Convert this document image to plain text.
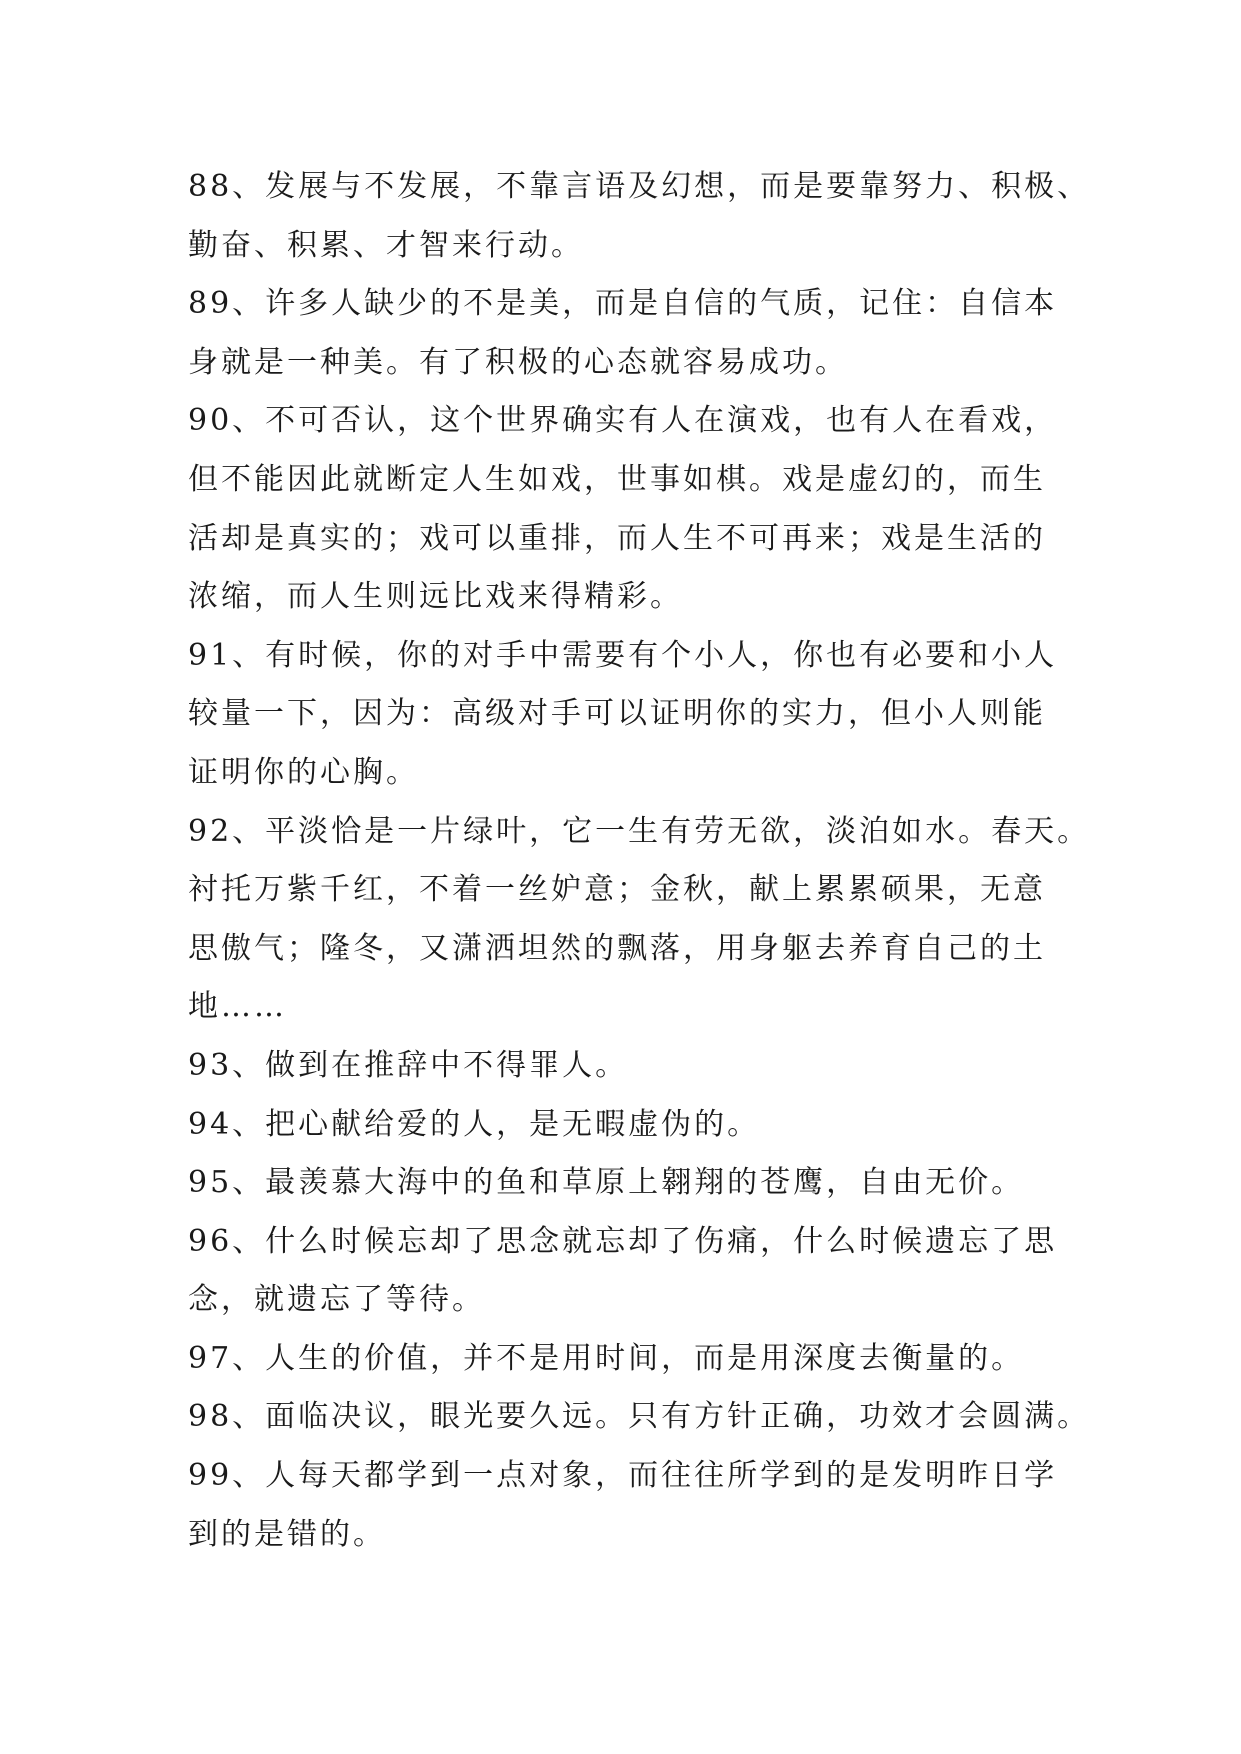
88、发展与不发展，不靠言语及幻想，而是要靠努力、积极、
勤奋、积累、才智来行动。
89、许多人缺少的不是美，而是自信的气质，记住：自信本
身就是一种美。有了积极的心态就容易成功。
90、不可否认，这个世界确实有人在演戏，也有人在看戏，
但不能因此就断定人生如戏，世事如棋。戏是虚幻的，而生
活却是真实的；戏可以重排，而人生不可再来；戏是生活的
浓缩，而人生则远比戏来得精彩。
91、有时候，你的对手中需要有个小人，你也有必要和小人
较量一下，因为：高级对手可以证明你的实力，但小人则能
证明你的心胸。
92、平淡恰是一片绿叶，它一生有劳无欲，淡泊如水。春天。
衬托万紫千红，不着一丝妒意；金秋，献上累累硕果，无意
思傲气；隆冬，又潇洒坦然的飘落，用身躯去养育自己的土
地……
93、做到在推辞中不得罪人。
94、把心献给爱的人，是无暇虚伪的。
95、最羡慕大海中的鱼和草原上翱翔的苍鹰，自由无价。
96、什么时候忘却了思念就忘却了伤痛，什么时候遗忘了思
念，就遗忘了等待。
97、人生的价值，并不是用时间，而是用深度去衡量的。
98、面临决议，眼光要久远。只有方针正确，功效才会圆满。
99、人每天都学到一点对象，而往往所学到的是发明昨日学
到的是错的。
